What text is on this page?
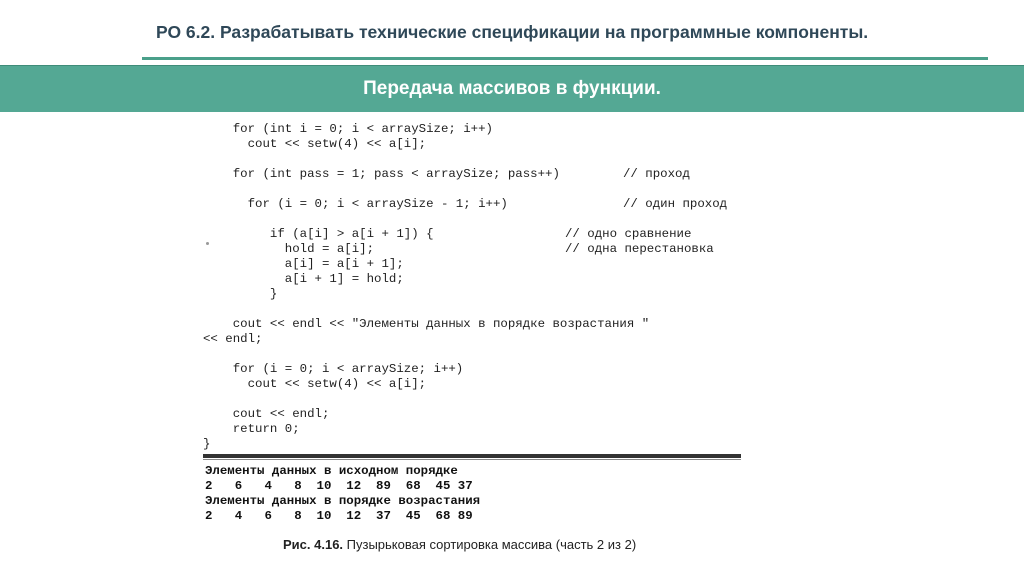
РО 6.2. Разрабатывать технические спецификации на программные компоненты.
Передача массивов в функции.
for (int i = 0; i < arraySize; i++)
cout << setw(4) << a[i];
for (int pass = 1; pass < arraySize; pass++)	// проход
for (i = 0; i < arraySize - 1; i++)	// один проход
if (a[i] > a[i + 1]) {	// одно сравнение
hold = a[i];	// одна перестановка
a[i] = a[i + 1];
a[i + 1] = hold;
}
cout << endl << "Элементы данных в порядке возрастания "
<< endl;
for (i = 0; i < arraySize; i++)
cout << setw(4) << a[i];
cout << endl;
return 0;
}
Элементы данных в исходном порядке
2   6   4   8  10  12  89  68  45 37
Элементы данных в порядке возрастания
2   4   6   8  10  12  37  45  68 89
Рис. 4.16. Пузырьковая сортировка массива (часть 2 из 2)
